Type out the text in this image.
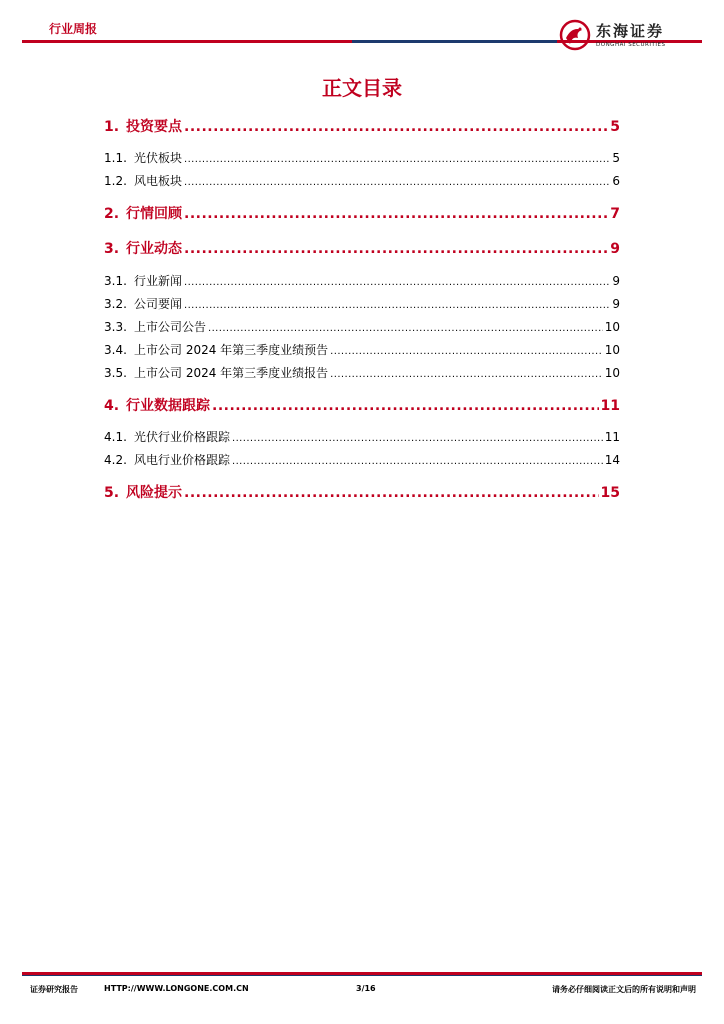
行业周报	东海证券
DONGHAI SECURITIES
正文目录
1. 投资要点 .....	5
1.1. 光伏板块 .....	5
1.2. 风电板块 .....	6
2. 行情回顾 .....	7
3. 行业动态 .....	9
3.1. 行业新闻 .....	9
3.2. 公司要闻 .....	9
3.3. 上市公司公告 .....	10
3.4. 上市公司 2024 年第三季度业绩预告 .....	10
3.5. 上市公司 2024 年第三季度业绩报告 .....	10
4. 行业数据跟踪 .....	11
4.1. 光伏行业价格跟踪 .....	11
4.2. 风电行业价格跟踪 .....	14
5. 风险提示 .....	15
证券研究报告	HTTP://WWW.LONGONE.COM.CN	3/16	请务必仔细阅读正文后的所有说明和声明
